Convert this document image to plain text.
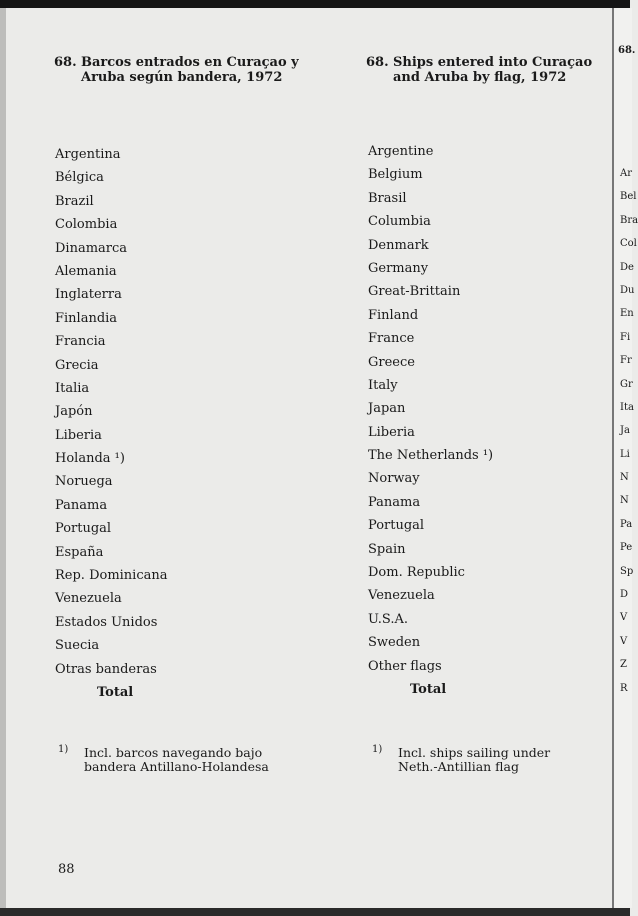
68. Barcos entrados en Curaçao y
Aruba según bandera, 1972
68. Ships entered into Curaçao
and Aruba by flag, 1972
Argentina
Bélgica
Brazil
Colombia
Dinamarca
Alemania
Inglaterra
Finlandia
Francia
Grecia
Italia
Japón
Liberia
Holanda ¹)
Noruega
Panama
Portugal
España
Rep. Dominicana
Venezuela
Estados Unidos
Suecia
Otras banderas
Total
Argentine
Belgium
Brasil
Columbia
Denmark
Germany
Great-Brittain
Finland
France
Greece
Italy
Japan
Liberia
The Netherlands ¹)
Norway
Panama
Portugal
Spain
Dom. Republic
Venezuela
U.S.A.
Sweden
Other flags
Total
1) Incl. barcos navegando bajo
bandera Antillano-Holandesa
1) Incl. ships sailing under
Neth.-Antillian flag
88
68.
Ar
Bel
Bra
Col
De
Du
En
Fi
Fr
Gr
Ita
Ja
Li
N
N
Pa
Pe
Sp
D
V
V
Z
R
